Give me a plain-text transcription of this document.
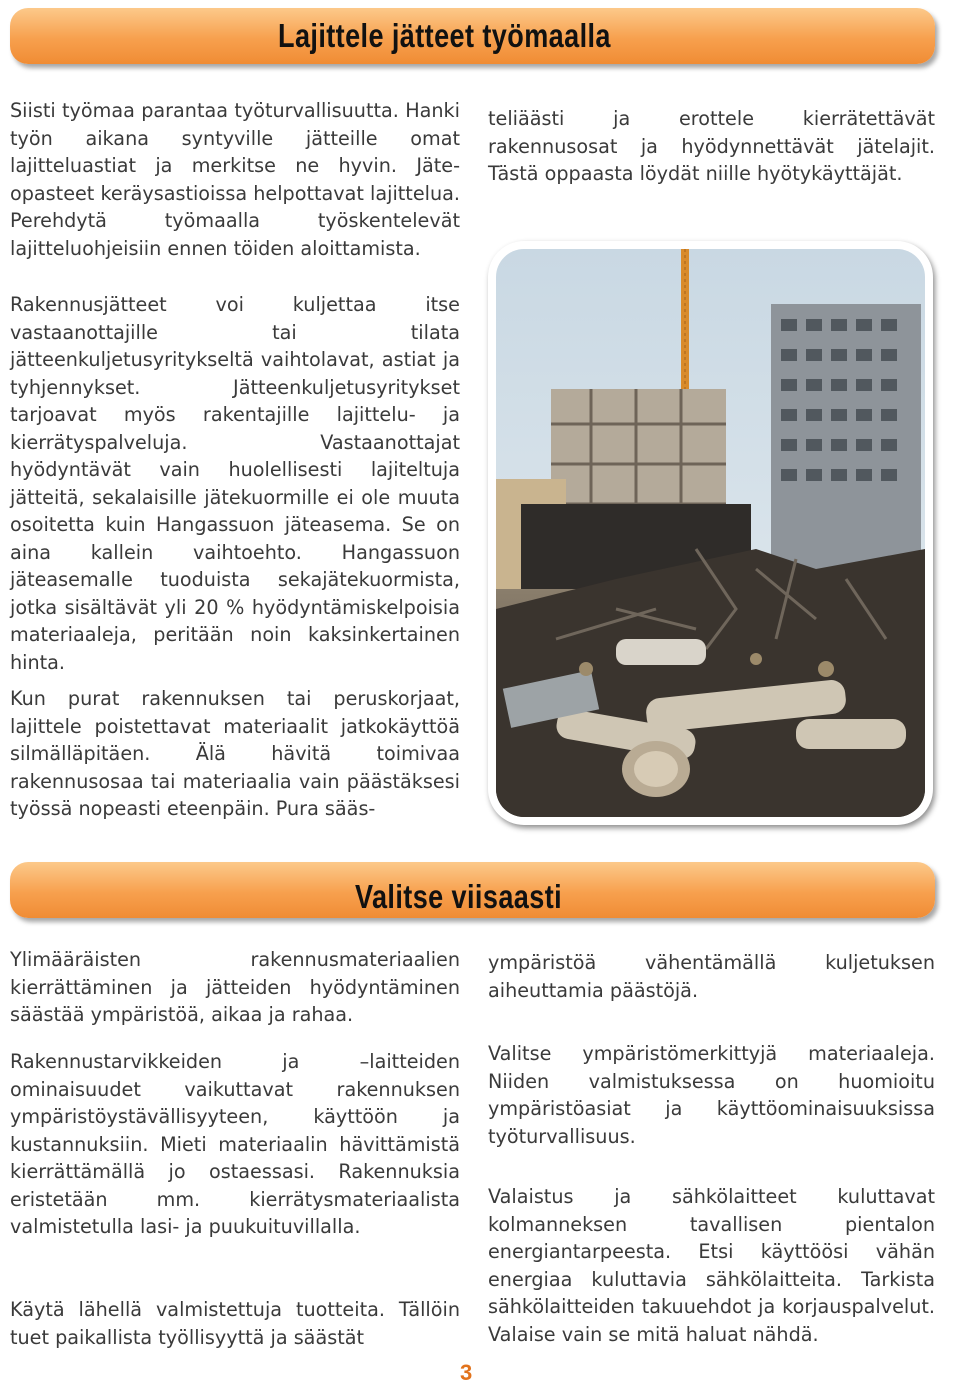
Lajittele jätteet työmaalla

Siisti työmaa parantaa työturvallisuutta. Hanki työn aikana syntyville jätteille omat lajitteluastiat ja merkitse ne hyvin. Jäte-opasteet keräysastioissa helpottavat lajittelua. Perehdytä työmaalla työskentelevät lajitteluohjeisiin ennen töiden aloittamista.

Rakennusjätteet voi kuljettaa itse vastaanottajille tai tilata jätteenkuljetusyritykseltä vaihtolavat, astiat ja tyhjennykset. Jätteenkuljetusyritykset tarjoavat myös rakentajille lajittelu- ja kierrätyspalveluja. Vastaanottajat hyödyntävät vain huolellisesti lajiteltuja jätteitä, sekalaisille jätekuormille ei ole muuta osoitetta kuin Hangassuon jäteasema. Se on aina kallein vaihtoehto. Hangassuon jäteasemalle tuoduista sekajätekuormista, jotka sisältävät yli 20 % hyödyntämiskelpoisia materiaaleja, peritään noin kaksinkertainen hinta.

Kun purat rakennuksen tai peruskorjaat, lajittele poistettavat materiaalit jatkokäyttöä silmälläpitäen. Älä hävitä toimivaa rakennusosaa tai materiaalia vain päästäksesi työssä nopeasti eteenpäin. Pura sääs-

teliäästi ja erottele kierrätettävät rakennusosat ja hyödynnettävät jätelajit. Tästä oppaasta löydät niille hyötykäyttäjät.

Valitse viisaasti

Ylimääräisten rakennusmateriaalien kierrättäminen ja jätteiden hyödyntäminen säästää ympäristöä, aikaa ja rahaa.

Rakennustarvikkeiden ja –laitteiden ominaisuudet vaikuttavat rakennuksen ympäristöystävällisyyteen, käyttöön ja kustannuksiin. Mieti materiaalin hävittämistä kierrättämällä jo ostaessasi. Rakennuksia eristetään mm. kierrätysmateriaalista valmistetulla lasi- ja puukuituvillalla.

Käytä lähellä valmistettuja tuotteita. Tällöin tuet paikallista työllisyyttä ja säästät

ympäristöä vähentämällä kuljetuksen aiheuttamia päästöjä.

Valitse ympäristömerkittyjä materiaaleja. Niiden valmistuksessa on huomioitu ympäristöasiat ja käyttöominaisuuksissa työturvallisuus.

Valaistus ja sähkölaitteet kuluttavat kolmanneksen tavallisen pientalon energiantarpeesta. Etsi käyttöösi vähän energiaa kuluttavia sähkölaitteita. Tarkista sähkölaitteiden takuuehdot ja korjauspalvelut. Valaise vain se mitä haluat nähdä.

3
